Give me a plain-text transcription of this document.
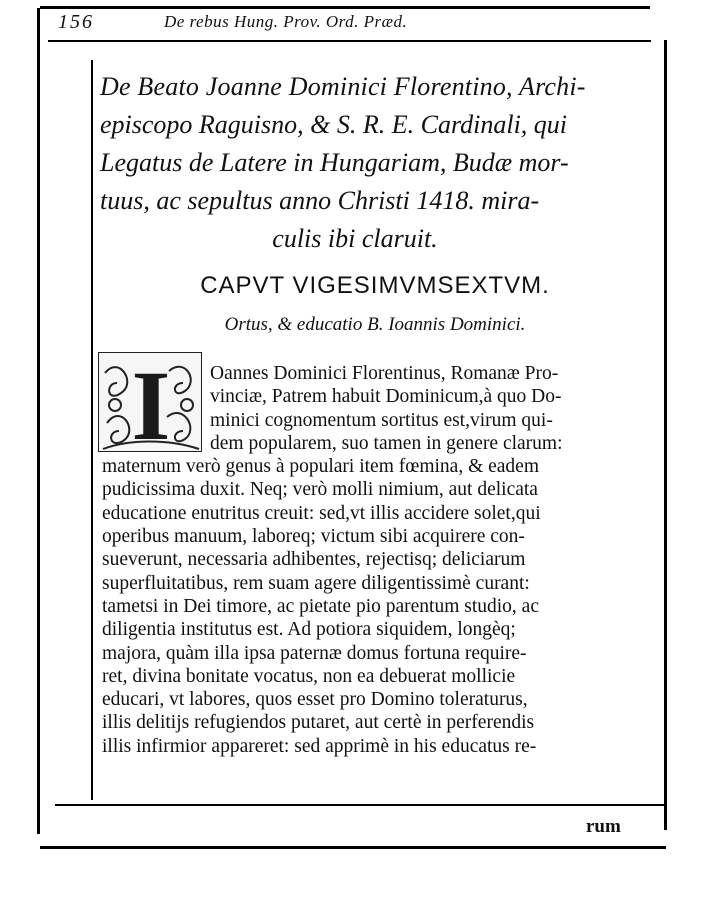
156	De rebus Hung. Prov. Ord. Præd.
De Beato Joanne Dominici Florentino, Archi-
episcopo Raguisno, & S. R. E. Cardinali, qui
Legatus de Latere in Hungariam, Budæ mor-
tuus, ac sepultus anno Christi 1418. mira-
culis ibi claruit.
CAPVT VIGESIMVMSEXTVM.
Ortus, & educatio B. Ioannis Dominici.
I	Oannes Dominici Florentinus, Romanæ Pro-
vinciæ, Patrem habuit Dominicum,à quo Do-
minici cognomentum sortitus est,virum qui-
dem popularem, suo tamen in genere clarum:
maternum verò genus à populari item fœmina, & eadem
pudicissima duxit. Neq; verò molli nimium, aut delicata
educatione enutritus creuit: sed,vt illis accidere solet,qui
operibus manuum, laboreq; victum sibi acquirere con-
sueverunt, necessaria adhibentes, rejectisq; deliciarum
superfluitatibus, rem suam agere diligentissimè curant:
tametsi in Dei timore, ac pietate pio parentum studio, ac
diligentia institutus est. Ad potiora siquidem, longèq;
majora, quàm illa ipsa paternæ domus fortuna require-
ret, divina bonitate vocatus, non ea debuerat mollicie
educari, vt labores, quos esset pro Domino toleraturus,
illis delitijs refugiendos putaret, aut certè in perferendis
illis infirmior appareret: sed apprimè in his educatus re-
rum
